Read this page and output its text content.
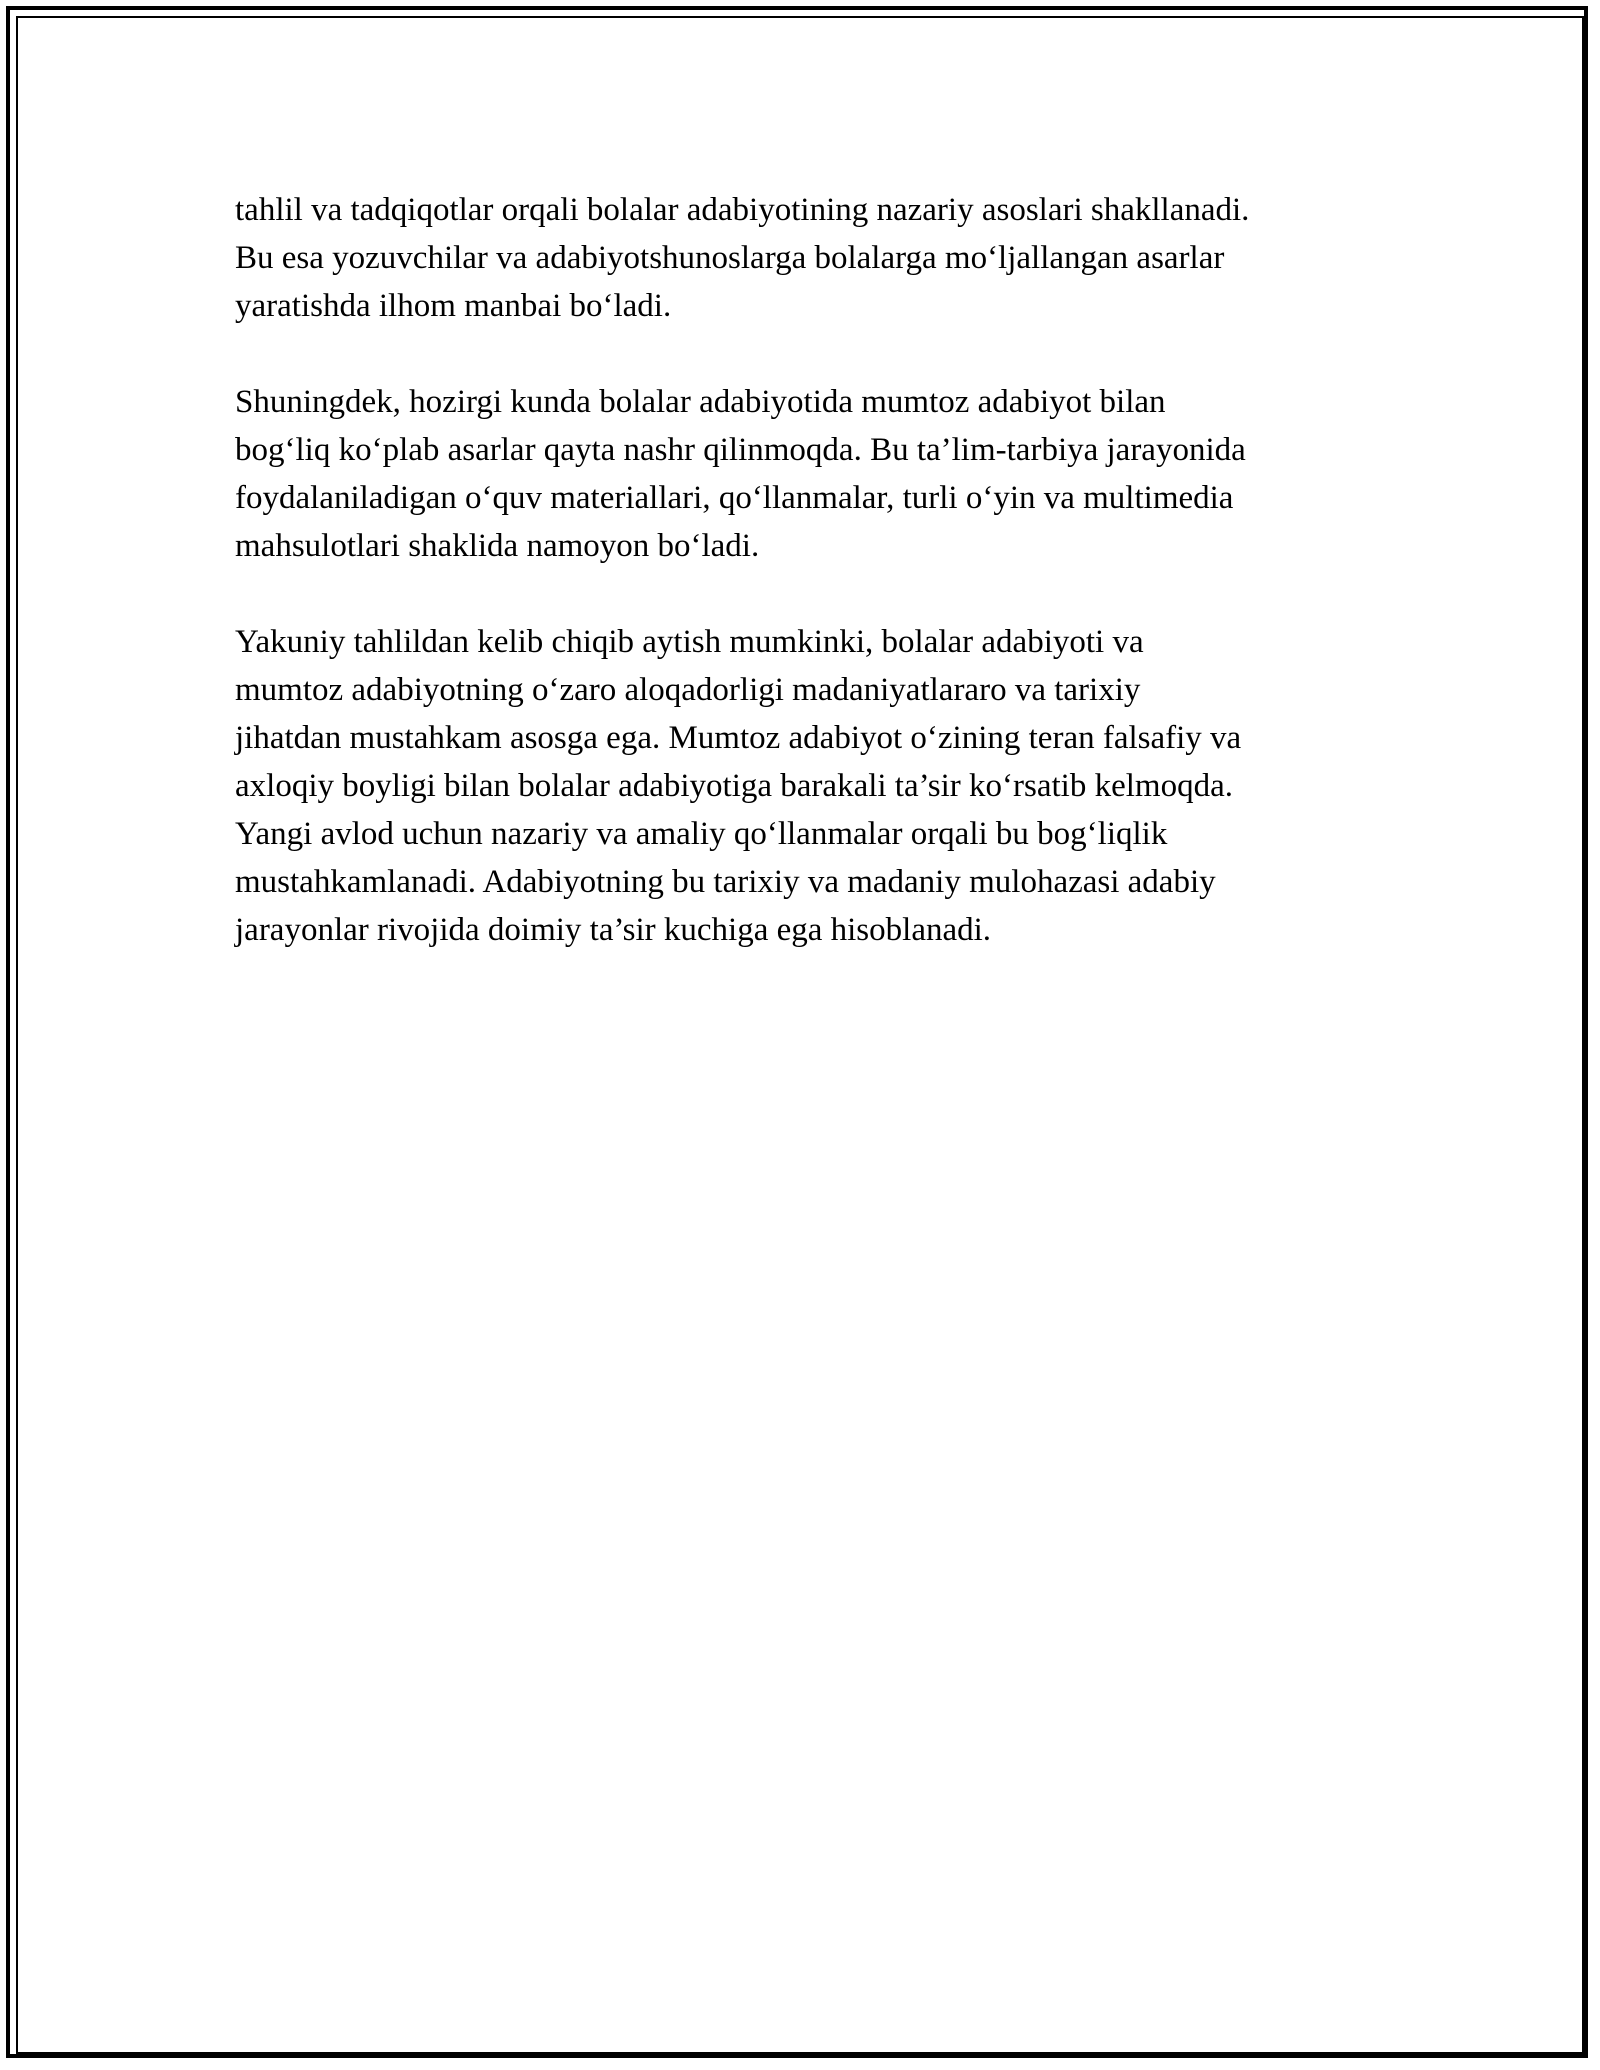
tahlil va tadqiqotlar orqali bolalar adabiyotining nazariy asoslari shakllanadi.
Bu esa yozuvchilar va adabiyotshunoslarga bolalarga mo‘ljallangan asarlar
yaratishda ilhom manbai bo‘ladi.

Shuningdek, hozirgi kunda bolalar adabiyotida mumtoz adabiyot bilan
bog‘liq ko‘plab asarlar qayta nashr qilinmoqda. Bu ta’lim-tarbiya jarayonida
foydalaniladigan o‘quv materiallari, qo‘llanmalar, turli o‘yin va multimedia
mahsulotlari shaklida namoyon bo‘ladi.

Yakuniy tahlildan kelib chiqib aytish mumkinki, bolalar adabiyoti va
mumtoz adabiyotning o‘zaro aloqadorligi madaniyatlararo va tarixiy
jihatdan mustahkam asosga ega. Mumtoz adabiyot o‘zining teran falsafiy va
axloqiy boyligi bilan bolalar adabiyotiga barakali ta’sir ko‘rsatib kelmoqda.
Yangi avlod uchun nazariy va amaliy qo‘llanmalar orqali bu bog‘liqlik
mustahkamlanadi. Adabiyotning bu tarixiy va madaniy mulohazasi adabiy
jarayonlar rivojida doimiy ta’sir kuchiga ega hisoblanadi.
